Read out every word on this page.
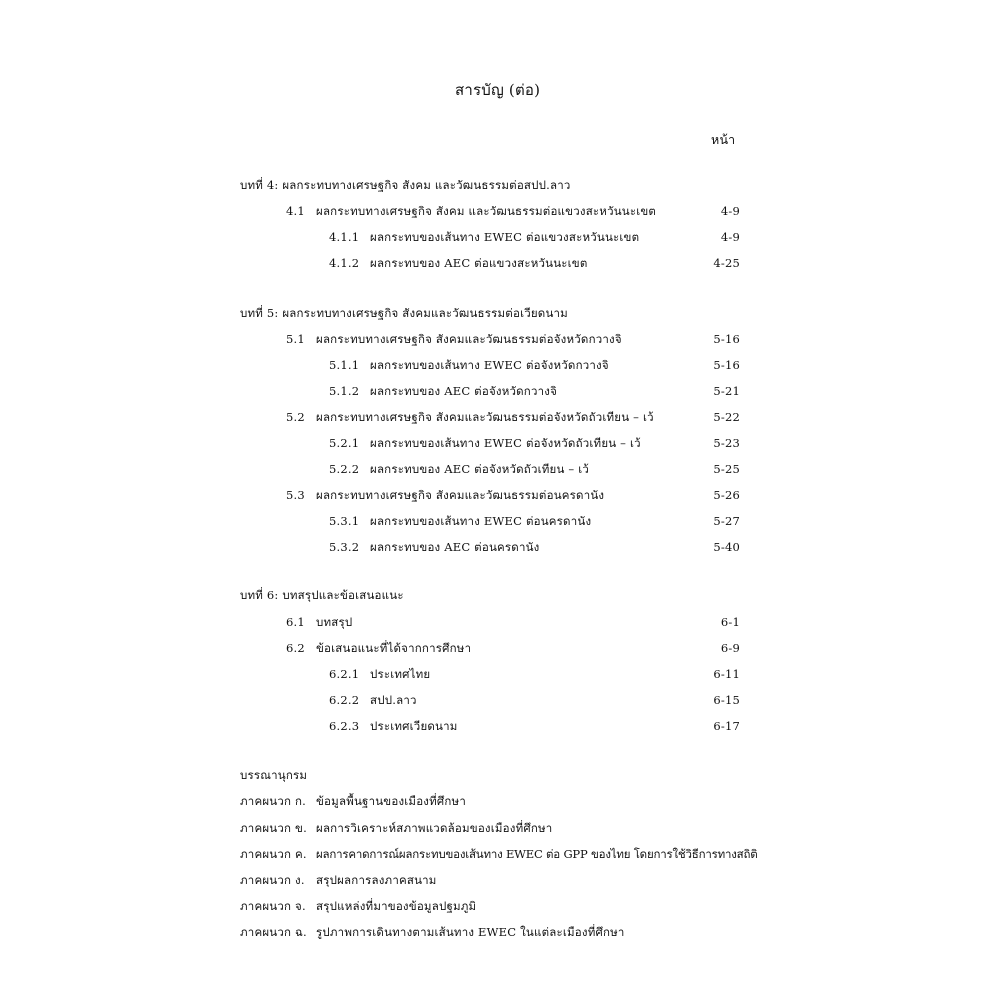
สารบัญ (ต่อ)
หน้า
บทที่ 4: ผลกระทบทางเศรษฐกิจ สังคม และวัฒนธรรมต่อสปป.ลาว
4.1 ผลกระทบทางเศรษฐกิจ สังคม และวัฒนธรรมต่อแขวงสะหวันนะเขต	4-9
4.1.1 ผลกระทบของเส้นทาง EWEC ต่อแขวงสะหวันนะเขต	4-9
4.1.2 ผลกระทบของ AEC ต่อแขวงสะหวันนะเขต	4-25
บทที่ 5: ผลกระทบทางเศรษฐกิจ สังคมและวัฒนธรรมต่อเวียดนาม
5.1 ผลกระทบทางเศรษฐกิจ สังคมและวัฒนธรรมต่อจังหวัดกวางจิ	5-16
5.1.1 ผลกระทบของเส้นทาง EWEC ต่อจังหวัดกวางจิ	5-16
5.1.2 ผลกระทบของ AEC ต่อจังหวัดกวางจิ	5-21
5.2 ผลกระทบทางเศรษฐกิจ สังคมและวัฒนธรรมต่อจังหวัดถัวเทียน – เว้	5-22
5.2.1 ผลกระทบของเส้นทาง EWEC ต่อจังหวัดถัวเทียน – เว้	5-23
5.2.2 ผลกระทบของ AEC ต่อจังหวัดถัวเทียน – เว้	5-25
5.3 ผลกระทบทางเศรษฐกิจ สังคมและวัฒนธรรมต่อนครดานัง	5-26
5.3.1 ผลกระทบของเส้นทาง EWEC ต่อนครดานัง	5-27
5.3.2 ผลกระทบของ AEC ต่อนครดานัง	5-40
บทที่ 6: บทสรุปและข้อเสนอแนะ
6.1 บทสรุป	6-1
6.2 ข้อเสนอแนะที่ได้จากการศึกษา	6-9
6.2.1 ประเทศไทย	6-11
6.2.2 สปป.ลาว	6-15
6.2.3 ประเทศเวียดนาม	6-17
บรรณานุกรม
ภาคผนวก ก. ข้อมูลพื้นฐานของเมืองที่ศึกษา
ภาคผนวก ข. ผลการวิเคราะห์สภาพแวดล้อมของเมืองที่ศึกษา
ภาคผนวก ค. ผลการคาดการณ์ผลกระทบของเส้นทาง EWEC ต่อ GPP ของไทย โดยการใช้วิธีการทางสถิติ
ภาคผนวก ง. สรุปผลการลงภาคสนาม
ภาคผนวก จ. สรุปแหล่งที่มาของข้อมูลปฐมภูมิ
ภาคผนวก ฉ. รูปภาพการเดินทางตามเส้นทาง EWEC ในแต่ละเมืองที่ศึกษา
